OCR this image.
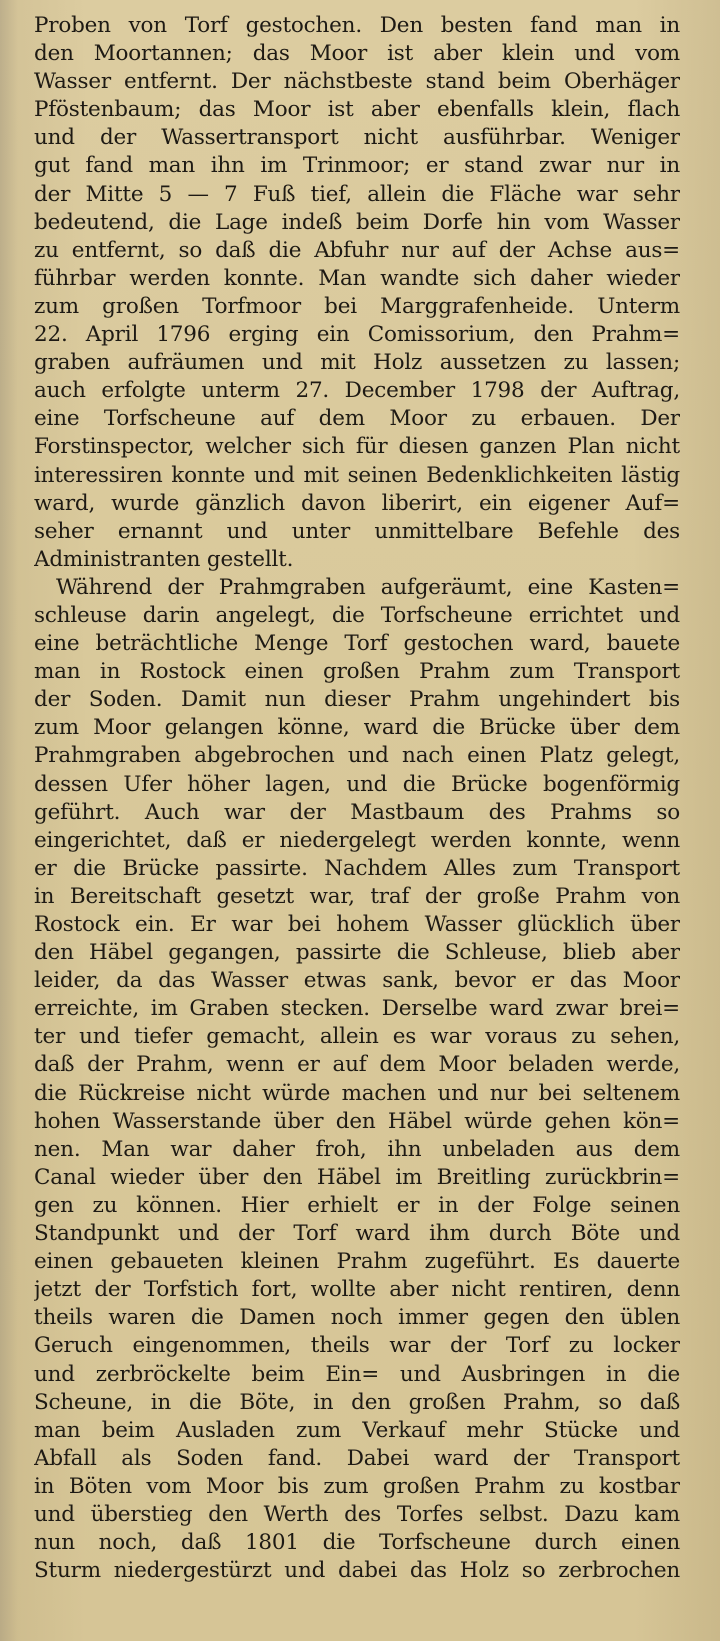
Proben von Torf gestochen. Den besten fand man in
den Moortannen; das Moor ist aber klein und vom
Wasser entfernt. Der nächstbeste stand beim Oberhäger
Pföstenbaum; das Moor ist aber ebenfalls klein, flach
und der Wassertransport nicht ausführbar. Weniger
gut fand man ihn im Trinmoor; er stand zwar nur in
der Mitte 5 — 7 Fuß tief, allein die Fläche war sehr
bedeutend, die Lage indeß beim Dorfe hin vom Wasser
zu entfernt, so daß die Abfuhr nur auf der Achse aus=
führbar werden konnte. Man wandte sich daher wieder
zum großen Torfmoor bei Marggrafenheide. Unterm
22. April 1796 erging ein Comissorium, den Prahm=
graben aufräumen und mit Holz aussetzen zu lassen;
auch erfolgte unterm 27. December 1798 der Auftrag,
eine Torfscheune auf dem Moor zu erbauen. Der
Forstinspector, welcher sich für diesen ganzen Plan nicht
interessiren konnte und mit seinen Bedenklichkeiten lästig
ward, wurde gänzlich davon liberirt, ein eigener Auf=
seher ernannt und unter unmittelbare Befehle des
Administranten gestellt.
Während der Prahmgraben aufgeräumt, eine Kasten=
schleuse darin angelegt, die Torfscheune errichtet und
eine beträchtliche Menge Torf gestochen ward, bauete
man in Rostock einen großen Prahm zum Transport
der Soden. Damit nun dieser Prahm ungehindert bis
zum Moor gelangen könne, ward die Brücke über dem
Prahmgraben abgebrochen und nach einen Platz gelegt,
dessen Ufer höher lagen, und die Brücke bogenförmig
geführt. Auch war der Mastbaum des Prahms so
eingerichtet, daß er niedergelegt werden konnte, wenn
er die Brücke passirte. Nachdem Alles zum Transport
in Bereitschaft gesetzt war, traf der große Prahm von
Rostock ein. Er war bei hohem Wasser glücklich über
den Häbel gegangen, passirte die Schleuse, blieb aber
leider, da das Wasser etwas sank, bevor er das Moor
erreichte, im Graben stecken. Derselbe ward zwar brei=
ter und tiefer gemacht, allein es war voraus zu sehen,
daß der Prahm, wenn er auf dem Moor beladen werde,
die Rückreise nicht würde machen und nur bei seltenem
hohen Wasserstande über den Häbel würde gehen kön=
nen. Man war daher froh, ihn unbeladen aus dem
Canal wieder über den Häbel im Breitling zurückbrin=
gen zu können. Hier erhielt er in der Folge seinen
Standpunkt und der Torf ward ihm durch Böte und
einen gebaueten kleinen Prahm zugeführt. Es dauerte
jetzt der Torfstich fort, wollte aber nicht rentiren, denn
theils waren die Damen noch immer gegen den üblen
Geruch eingenommen, theils war der Torf zu locker
und zerbröckelte beim Ein= und Ausbringen in die
Scheune, in die Böte, in den großen Prahm, so daß
man beim Ausladen zum Verkauf mehr Stücke und
Abfall als Soden fand. Dabei ward der Transport
in Böten vom Moor bis zum großen Prahm zu kostbar
und überstieg den Werth des Torfes selbst. Dazu kam
nun noch, daß 1801 die Torfscheune durch einen
Sturm niedergestürzt und dabei das Holz so zerbrochen
